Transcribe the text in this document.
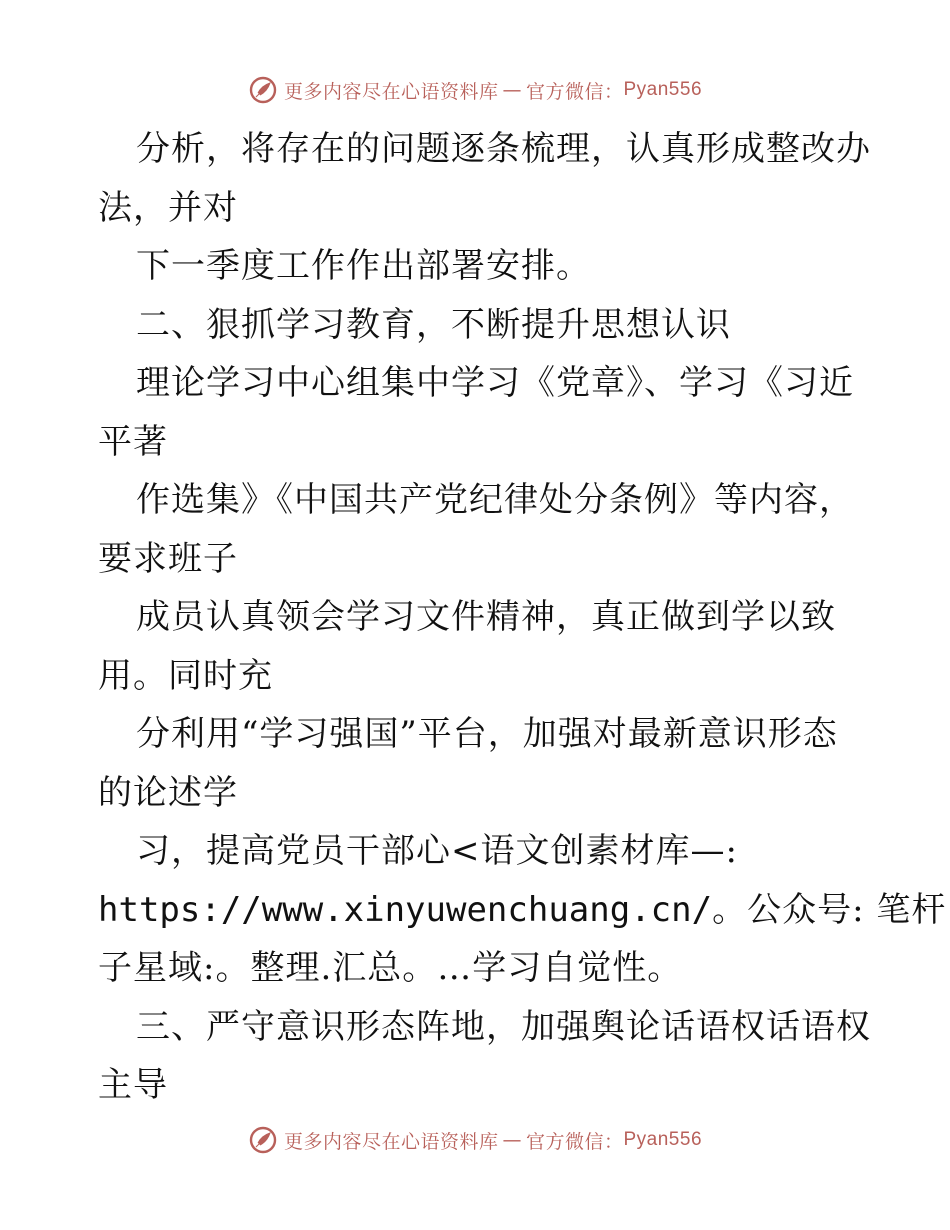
更多内容尽在心语资料库 — 官方微信： Pyan556
分析，将存在的问题逐条梳理，认真形成整改办
法，并对
下一季度工作作出部署安排。
二、狠抓学习教育，不断提升思想认识
理论学习中心组集中学习《党章》、学习《习近
平著
作选集》《中国共产党纪律处分条例》等内容，
要求班子
成员认真领会学习文件精神，真正做到学以致
用。同时充
分利用“学习强国”平台，加强对最新意识形态
的论述学
习，提高党员干部心<语文创素材库—:
https://www.xinyuwenchuang.cn/。公众号: 笔杆
子星域:。整理.汇总。…学习自觉性。
三、严守意识形态阵地，加强舆论话语权话语权
主导
更多内容尽在心语资料库 — 官方微信： Pyan556
